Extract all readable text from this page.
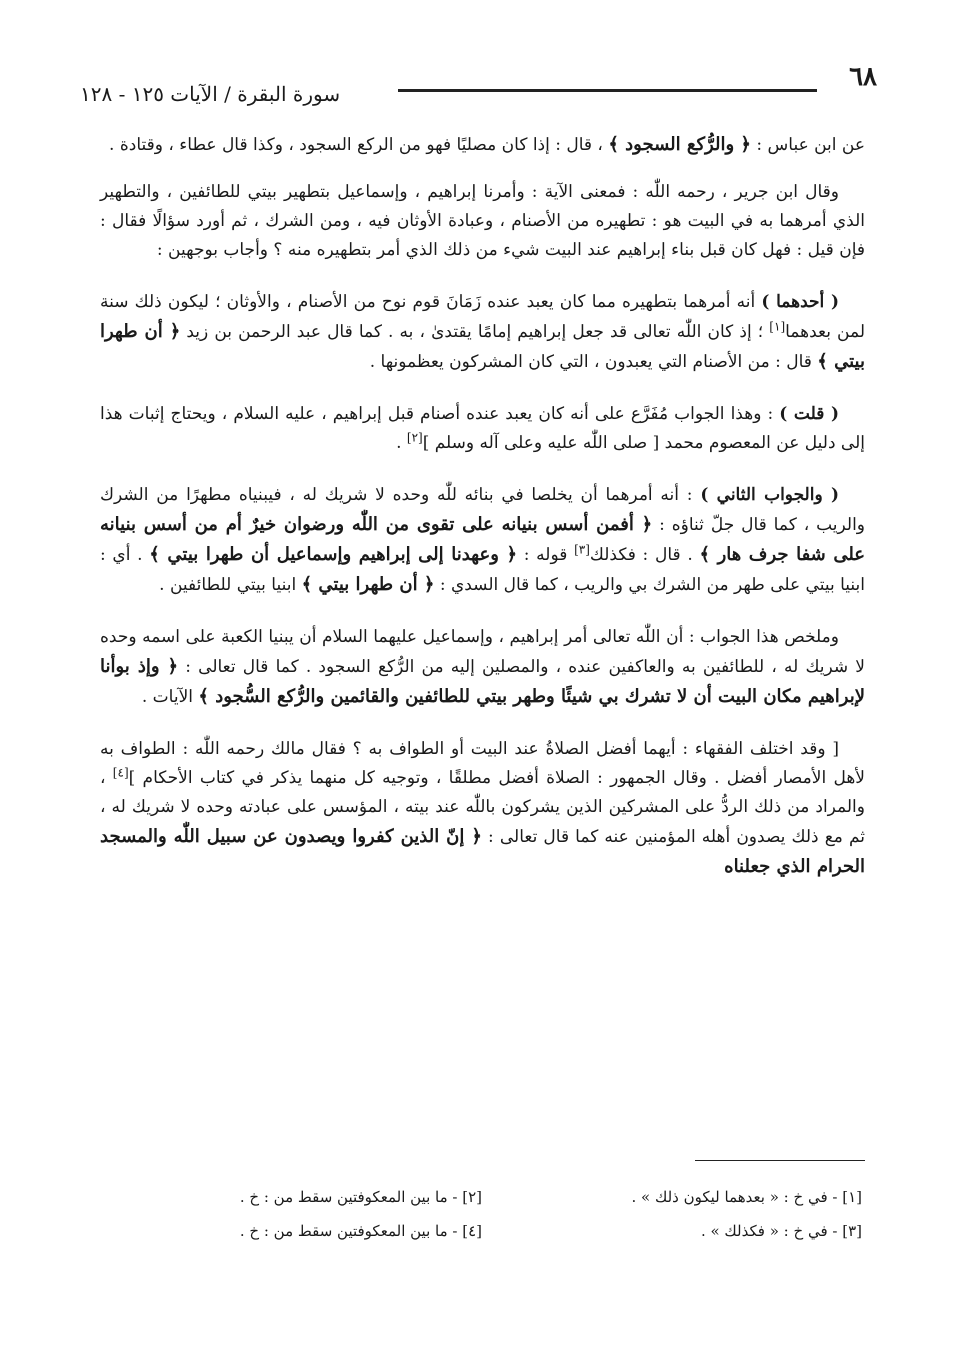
٦٨
سورة البقرة / الآيات ١٢٥ - ١٢٨

عن ابن عباس : ﴿ والرُّكع السجود ﴾ ، قال : إذا كان مصليًا فهو من الركع السجود ، وكذا قال عطاء ، وقتادة .

وقال ابن جرير ، رحمه اللّٰه : فمعنى الآية : وأمرنا إبراهيم ، وإسماعيل بتطهير بيتي للطائفين ، والتطهير الذي أمرهما به في البيت هو : تطهيره من الأصنام ، وعبادة الأوثان فيه ، ومن الشرك ، ثم أورد سؤالًا فقال : فإن قيل : فهل كان قبل بناء إبراهيم عند البيت شيء من ذلك الذي أمر بتطهيره منه ؟ وأجاب بوجهين :

( أحدهما ) أنه أمرهما بتطهيره مما كان يعبد عنده زَمَانَ قوم نوح من الأصنام ، والأوثان ؛ ليكون ذلك سنة لمن بعدهما[١] ؛ إذ كان اللّٰه تعالى قد جعل إبراهيم إمامًا يقتدىٰ ، به . كما قال عبد الرحمن بن زيد ﴿ أن طهرا بيتي ﴾ قال : من الأصنام التي يعبدون ، التي كان المشركون يعظمونها .

( قلت ) : وهذا الجواب مُفَرَّع على أنه كان يعبد عنده أصنام قبل إبراهيم ، عليه السلام ، ويحتاج إثبات هذا إلى دليل عن المعصوم محمد [ صلى اللّٰه عليه وعلى آله وسلم ][٢] .

( والجواب الثاني ) : أنه أمرهما أن يخلصا في بنائه للّٰه وحده لا شريك له ، فيبنياه مطهرًا من الشرك والريب ، كما قال جلّ ثناؤه : ﴿ أفمن أسس بنيانه على تقوى من اللّٰه ورضوان خيرٌ أم من أسس بنيانه على شفا جرف هار ﴾ . قال : فكذلك[٣] قوله : ﴿ وعهدنا إلى إبراهيم وإسماعيل أن طهرا بيتي ﴾ . أي : ابنيا بيتي على طهر من الشرك بي والريب ، كما قال السدي : ﴿ أن طهرا بيتي ﴾ ابنيا بيتي للطائفين .

وملخص هذا الجواب : أن اللّٰه تعالى أمر إبراهيم ، وإسماعيل عليهما السلام أن يبنيا الكعبة على اسمه وحده لا شريك له ، للطائفين به والعاكفين عنده ، والمصلين إليه من الرُّكع السجود . كما قال تعالى : ﴿ وإذ بوأنا لإبراهيم مكان البيت أن لا تشرك بي شيئًا وطهر بيتي للطائفين والقائمين والرُّكع السُّجود ﴾ الآيات .

[ وقد اختلف الفقهاء : أيهما أفضل الصلاةُ عند البيت أو الطواف به ؟ فقال مالك رحمه اللّٰه : الطواف به لأهل الأمصار أفضل . وقال الجمهور : الصلاة أفضل مطلقًا ، وتوجيه كل منهما يذكر في كتاب الأحكام ][٤] ، والمراد من ذلك الردُّ على المشركين الذين يشركون باللّٰه عند بيته ، المؤسس على عبادته وحده لا شريك له ، ثم مع ذلك يصدون أهله المؤمنين عنه كما قال تعالى : ﴿ إنّ الذين كفروا ويصدون عن سبيل اللّٰه والمسجد الحرام الذي جعلناه

[١] - في خ : « بعدهما ليكون ذلك » .
[٢] - ما بين المعكوفتين سقط من : خ .
[٣] - في خ : « فكذلك » .
[٤] - ما بين المعكوفتين سقط من : خ .
